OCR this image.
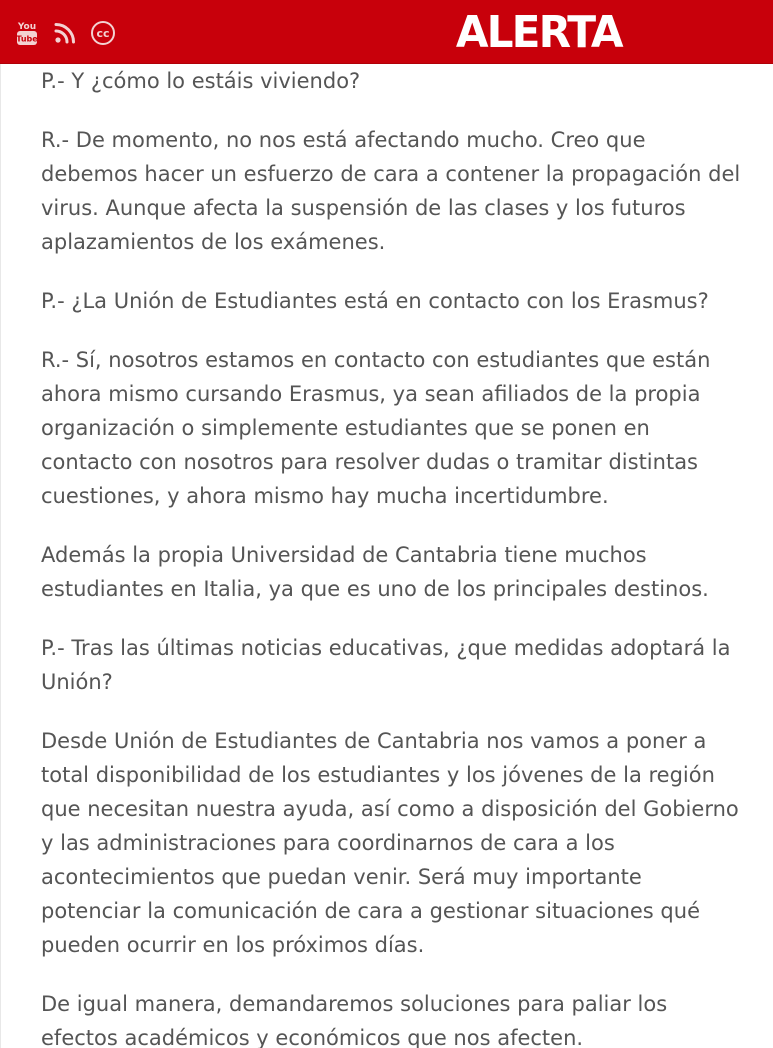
You
Tube	cc	ALERTA

P.- Y ¿cómo lo estáis viviendo?

R.- De momento, no nos está afectando mucho. Creo que debemos hacer un esfuerzo de cara a contener la propagación del virus. Aunque afecta la suspensión de las clases y los futuros aplazamientos de los exámenes.

P.- ¿La Unión de Estudiantes está en contacto con los Erasmus?

R.- Sí, nosotros estamos en contacto con estudiantes que están ahora mismo cursando Erasmus, ya sean afiliados de la propia organización o simplemente estudiantes que se ponen en contacto con nosotros para resolver dudas o tramitar distintas cuestiones, y ahora mismo hay mucha incertidumbre.

Además la propia Universidad de Cantabria tiene muchos estudiantes en Italia, ya que es uno de los principales destinos.

P.- Tras las últimas noticias educativas, ¿que medidas adoptará la Unión?

Desde Unión de Estudiantes de Cantabria nos vamos a poner a total disponibilidad de los estudiantes y los jóvenes de la región que necesitan nuestra ayuda, así como a disposición del Gobierno y las administraciones para coordinarnos de cara a los acontecimientos que puedan venir. Será muy importante potenciar la comunicación de cara a gestionar situaciones qué pueden ocurrir en los próximos días.

De igual manera, demandaremos soluciones para paliar los efectos académicos y económicos que nos afecten.
